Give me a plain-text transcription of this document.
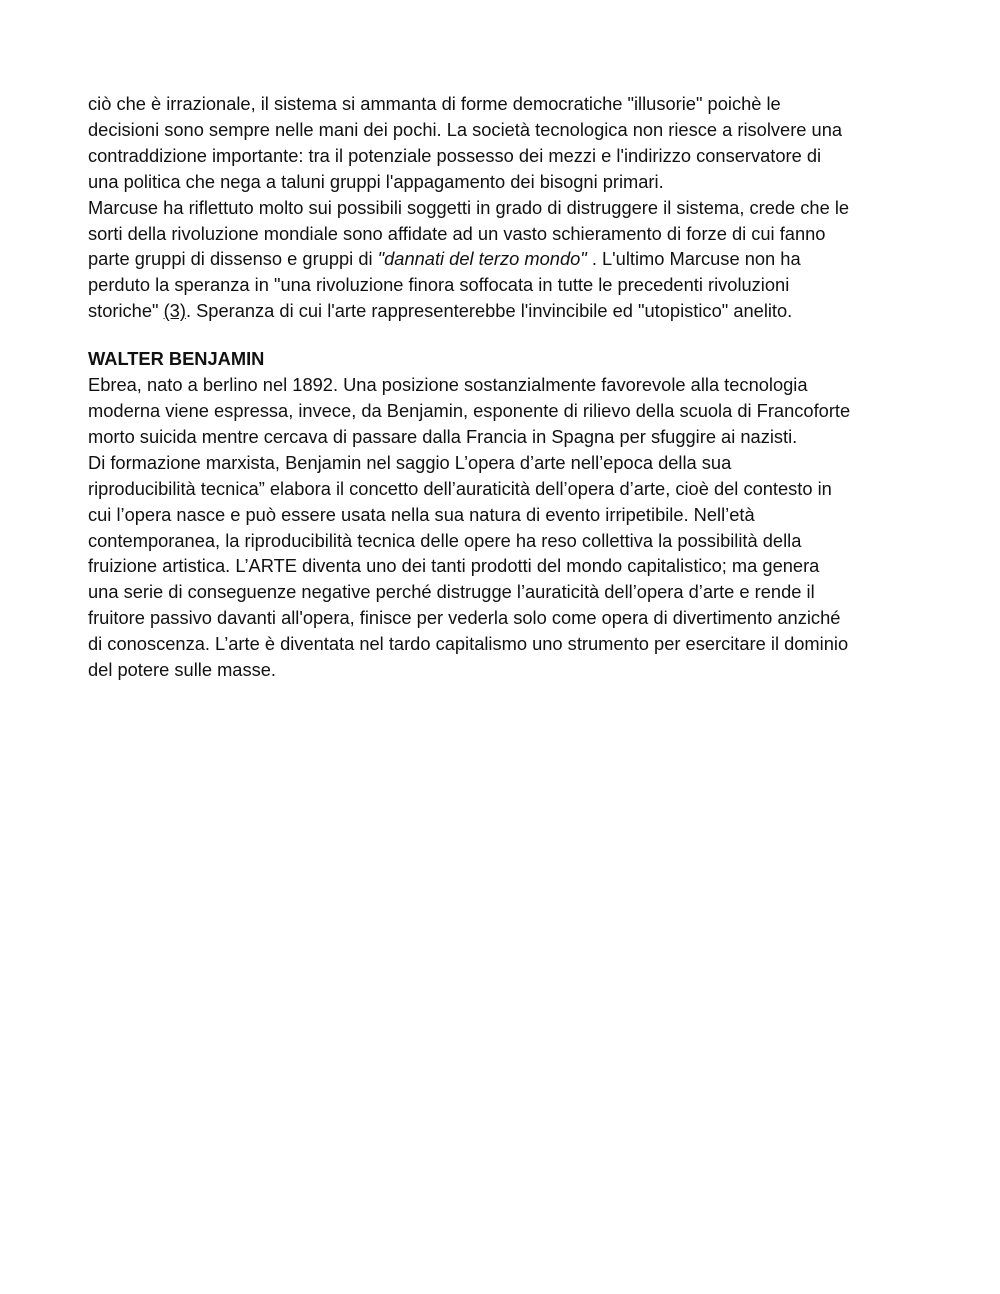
ciò che è irrazionale, il sistema si ammanta di forme democratiche "illusorie" poichè le
decisioni sono sempre nelle mani dei pochi. La società tecnologica non riesce a risolvere una
contraddizione importante: tra il potenziale possesso dei mezzi e l'indirizzo conservatore di
una politica che nega a taluni gruppi l'appagamento dei bisogni primari.
Marcuse ha riflettuto molto sui possibili soggetti in grado di distruggere il sistema, crede che le
sorti della rivoluzione mondiale sono affidate ad un vasto schieramento di forze di cui fanno
parte gruppi di dissenso e gruppi di "dannati del terzo mondo" . L'ultimo Marcuse non ha
perduto la speranza in "una rivoluzione finora soffocata in tutte le precedenti rivoluzioni
storiche" (3). Speranza di cui l'arte rappresenterebbe l'invincibile ed "utopistico" anelito.
WALTER BENJAMIN
Ebrea, nato a berlino nel 1892. Una posizione sostanzialmente favorevole alla tecnologia
moderna viene espressa, invece, da Benjamin, esponente di rilievo della scuola di Francoforte
morto suicida mentre cercava di passare dalla Francia in Spagna per sfuggire ai nazisti.
Di formazione marxista, Benjamin nel saggio L’opera d’arte nell’epoca della sua
riproducibilità tecnica” elabora il concetto dell’auraticità dell’opera d’arte, cioè del contesto in
cui l’opera nasce e può essere usata nella sua natura di evento irripetibile. Nell’età
contemporanea, la riproducibilità tecnica delle opere ha reso collettiva la possibilità della
fruizione artistica. L’ARTE diventa uno dei tanti prodotti del mondo capitalistico; ma genera
una serie di conseguenze negative perché distrugge l’auraticità dell’opera d’arte e rende il
fruitore passivo davanti all'opera, finisce per vederla solo come opera di divertimento anziché
di conoscenza. L’arte è diventata nel tardo capitalismo uno strumento per esercitare il dominio
del potere sulle masse.
